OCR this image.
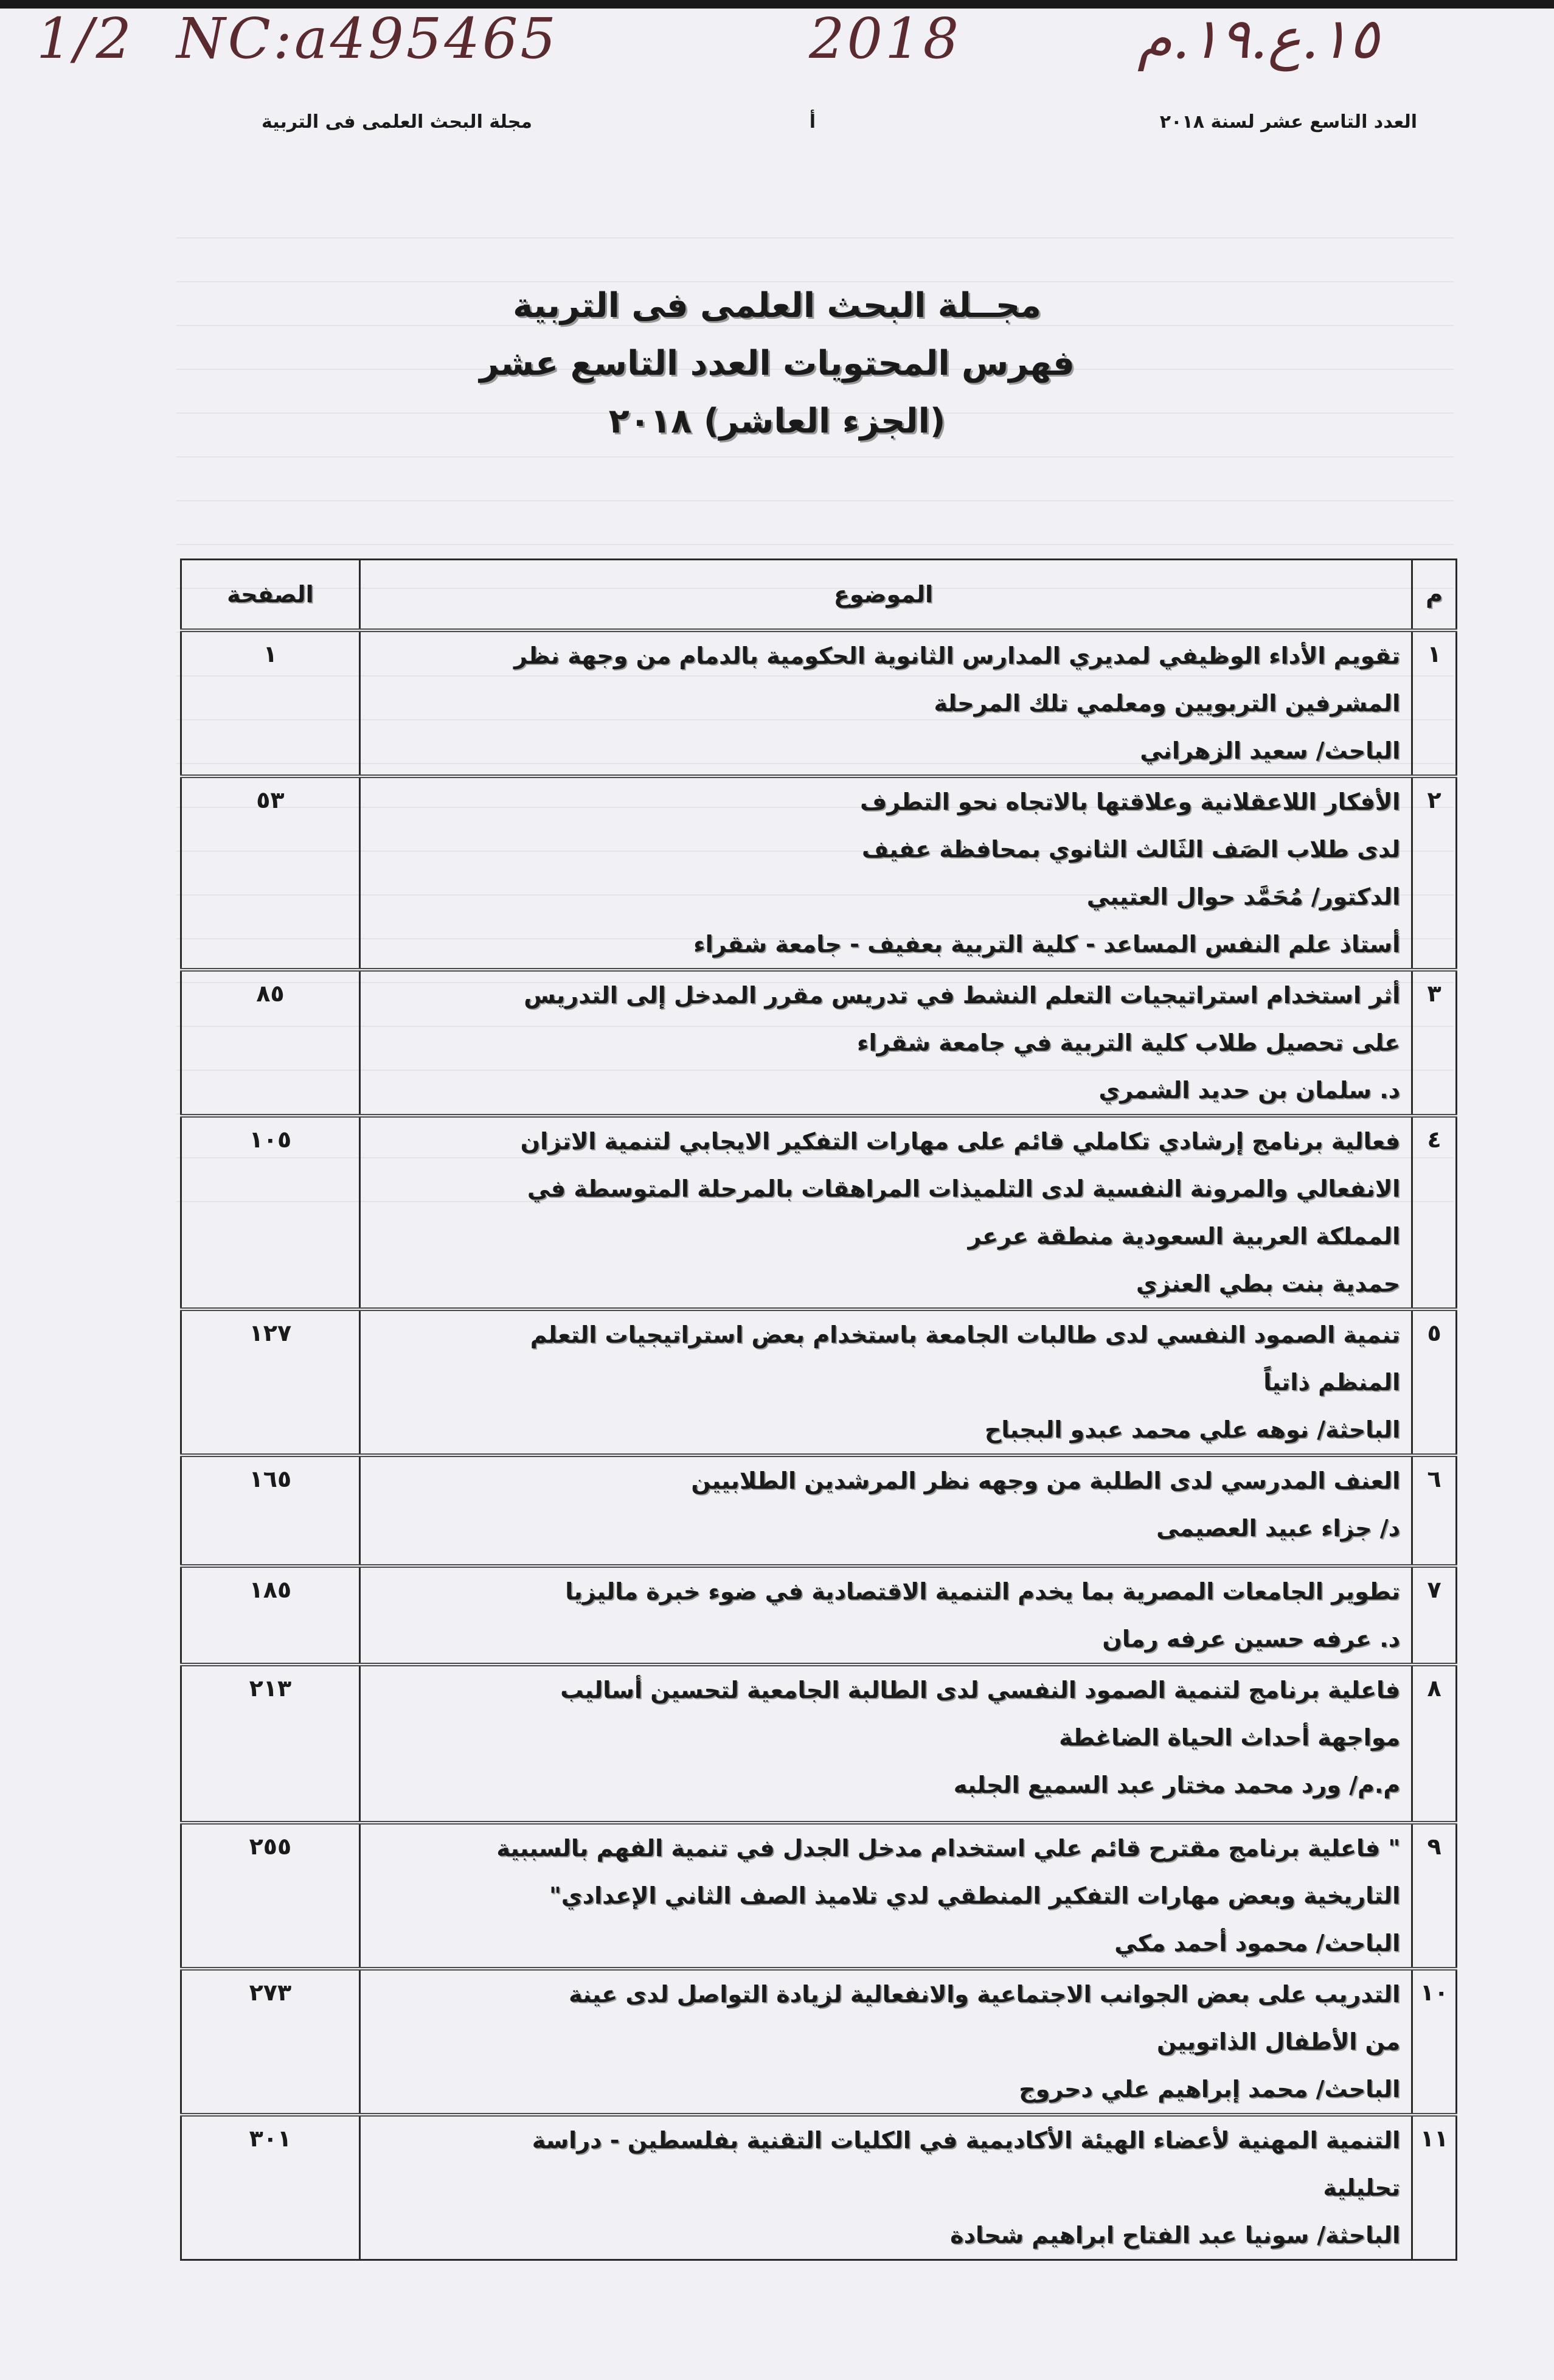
1/2 NC:a495465	2018	١٥.ع.١٩.م
مجلة البحث العلمى فى التربية	أ	العدد التاسع عشر لسنة ٢٠١٨
مجــلة البحث العلمى فى التربية
فهرس المحتويات العدد التاسع عشر
(الجزء العاشر) ٢٠١٨
م	الموضوع	الصفحة
١	تقويم الأداء الوظيفي لمديري المدارس الثانوية الحكومية بالدمام من وجهة نظر
المشرفين التربويين ومعلمي تلك المرحلة
الباحث/ سعيد الزهراني	١
٢	الأفكار اللاعقلانية وعلاقتها بالاتجاه نحو التطرف
لدى طلاب الصَف الثَالث الثانوي بمحافظة عفيف
الدكتور/ مُحَمَّد حوال العتيبي
أستاذ علم النفس المساعد - كلية التربية بعفيف - جامعة شقراء	٥٣
٣	أثر استخدام استراتيجيات التعلم النشط في تدريس مقرر المدخل إلى التدريس
على تحصيل طلاب كلية التربية في جامعة شقراء
د. سلمان بن حديد الشمري	٨٥
٤	فعالية برنامج إرشادي تكاملي قائم على مهارات التفكير الايجابي لتنمية الاتزان
الانفعالي والمرونة النفسية لدى التلميذات المراهقات بالمرحلة المتوسطة في
المملكة العربية السعودية منطقة عرعر
حمدية بنت بطي العنزي	١٠٥
٥	تنمية الصمود النفسي لدى طالبات الجامعة باستخدام بعض استراتيجيات التعلم
المنظم ذاتياً
الباحثة/ نوهه علي محمد عبدو البجباح	١٢٧
٦	العنف المدرسي لدى الطلبة من وجهه نظر المرشدين الطلابيين
د/ جزاء عبيد العصيمى	١٦٥
٧	تطوير الجامعات المصرية بما يخدم التنمية الاقتصادية في ضوء خبرة ماليزيا
د. عرفه حسين عرفه رمان	١٨٥
٨	فاعلية برنامج لتنمية الصمود النفسي لدى الطالبة الجامعية لتحسين أساليب
مواجهة أحداث الحياة الضاغطة
م.م/ ورد محمد مختار عبد السميع الجلبه	٢١٣
٩	" فاعلية برنامج مقترح قائم علي استخدام مدخل الجدل في تنمية الفهم بالسببية
التاريخية وبعض مهارات التفكير المنطقي لدي تلاميذ الصف الثاني الإعدادي"
الباحث/ محمود أحمد مكي	٢٥٥
١٠	التدريب على بعض الجوانب الاجتماعية والانفعالية لزيادة التواصل لدى عينة
من الأطفال الذاتويين
الباحث/ محمد إبراهيم علي دحروج	٢٧٣
١١	التنمية المهنية لأعضاء الهيئة الأكاديمية في الكليات التقنية بفلسطين - دراسة
تحليلية
الباحثة/ سونيا عبد الفتاح ابراهيم شحادة	٣٠١
